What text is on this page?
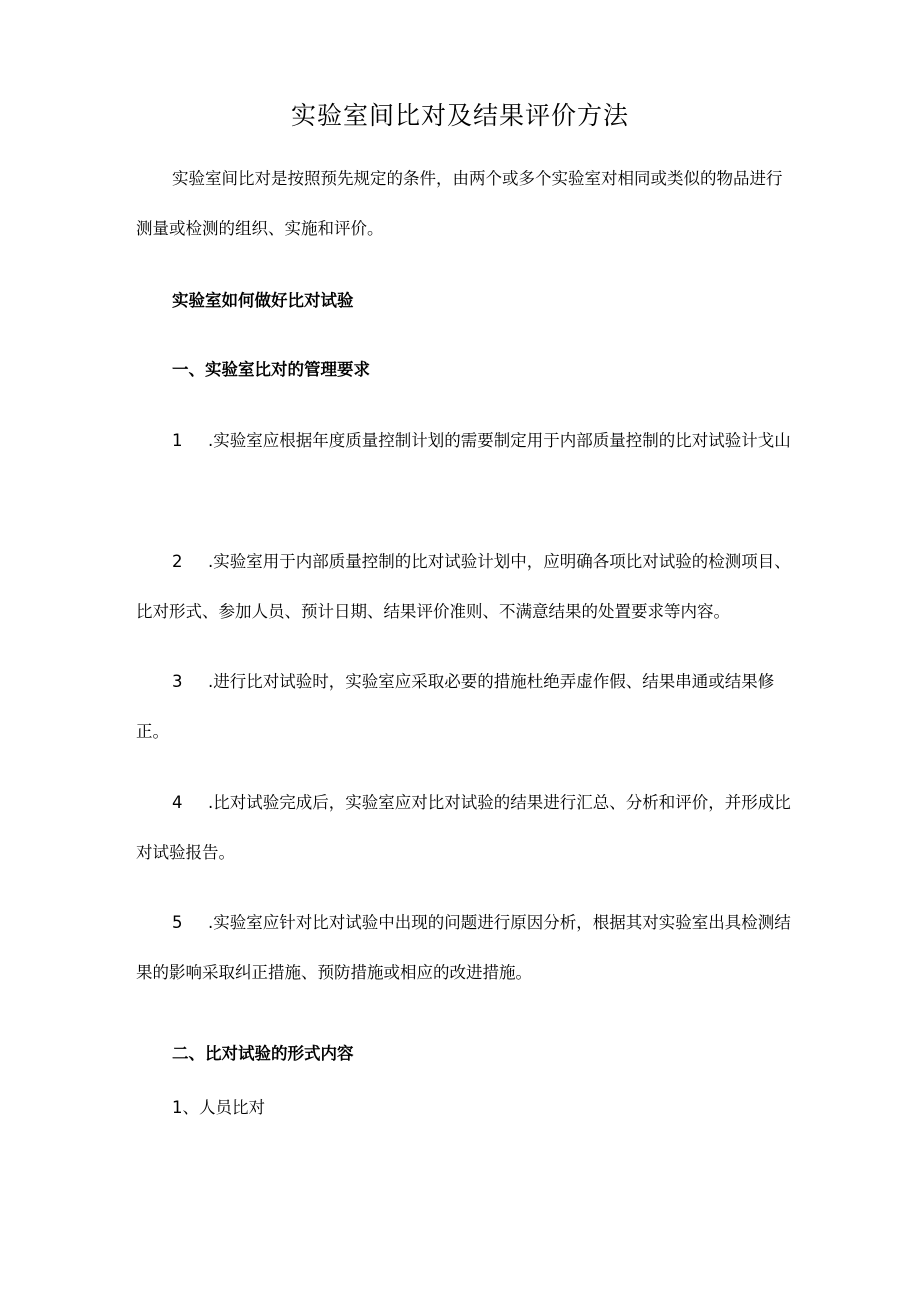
实验室间比对及结果评价方法

实验室间比对是按照预先规定的条件，由两个或多个实验室对相同或类似的物品进行测量或检测的组织、实施和评价。

实验室如何做好比对试验

一、实验室比对的管理要求

1 .实验室应根据年度质量控制计划的需要制定用于内部质量控制的比对试验计戈山

2 .实验室用于内部质量控制的比对试验计划中，应明确各项比对试验的检测项目、比对形式、参加人员、预计日期、结果评价准则、不满意结果的处置要求等内容。

3 .进行比对试验时，实验室应采取必要的措施杜绝弄虚作假、结果串通或结果修正。

4 .比对试验完成后，实验室应对比对试验的结果进行汇总、分析和评价，并形成比对试验报告。

5 .实验室应针对比对试验中出现的问题进行原因分析，根据其对实验室出具检测结果的影响采取纠正措施、预防措施或相应的改进措施。

二、比对试验的形式内容

1、人员比对
